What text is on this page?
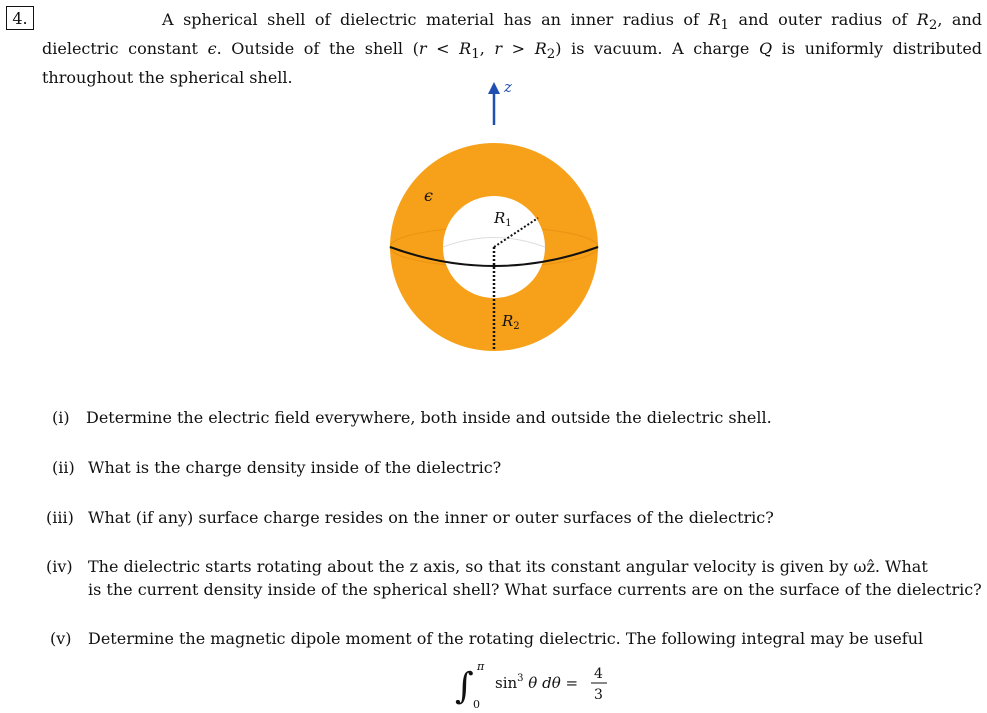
4.	A spherical shell of dielectric material has an inner radius of $R_1$ and outer radius of $R_2$, and dielectric constant ϵ. Outside of the shell ($r < R_1$, $r > R_2$) is vacuum. A charge Q is uniformly distributed throughout the spherical shell.	z
ϵ
$R_1$
$R_2$
(i) Determine the electric field everywhere, both inside and outside the dielectric shell.
(ii) What is the charge density inside of the dielectric?
(iii) What (if any) surface charge resides on the inner or outer surfaces of the dielectric?
(iv) The dielectric starts rotating about the z axis, so that its constant angular velocity is given by ωẑ. What
is the current density inside of the spherical shell? What surface currents are on the surface of the dielectric?
(v) Determine the magnetic dipole moment of the rotating dielectric. The following integral may be useful
∫ π
0
$\sin^3 \theta$ dθ = 4
3
